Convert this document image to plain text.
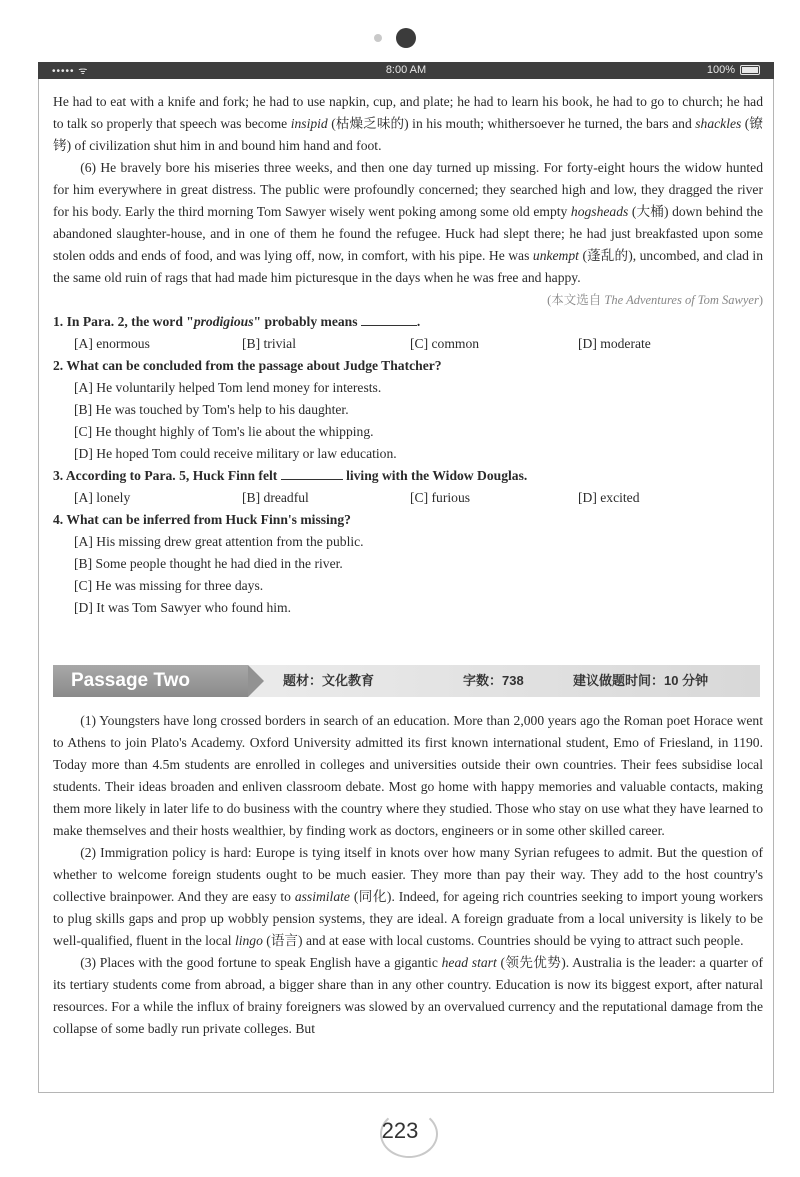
••••• ᯤ	8:00 AM	100%

He had to eat with a knife and fork; he had to use napkin, cup, and plate; he had to learn his book, he had to go to church; he had to talk so properly that speech was become insipid (枯燥乏味的) in his mouth; whithersoever he turned, the bars and shackles (镣铐) of civilization shut him in and bound him hand and foot.

(6) He bravely bore his miseries three weeks, and then one day turned up missing. For forty-eight hours the widow hunted for him everywhere in great distress. The public were profoundly concerned; they searched high and low, they dragged the river for his body. Early the third morning Tom Sawyer wisely went poking among some old empty hogsheads (大桶) down behind the abandoned slaughter-house, and in one of them he found the refugee. Huck had slept there; he had just breakfasted upon some stolen odds and ends of food, and was lying off, now, in comfort, with his pipe. He was unkempt (蓬乱的), uncombed, and clad in the same old ruin of rags that had made him picturesque in the days when he was free and happy.

(本文选自 The Adventures of Tom Sawyer)

1. In Para. 2, the word "prodigious" probably means	.

[A] enormous	[B] trivial	[C] common	[D] moderate

2. What can be concluded from the passage about Judge Thatcher?

[A] He voluntarily helped Tom lend money for interests.

[B] He was touched by Tom's help to his daughter.

[C] He thought highly of Tom's lie about the whipping.

[D] He hoped Tom could receive military or law education.

3. According to Para. 5, Huck Finn felt	living with the Widow Douglas.

[A] lonely	[B] dreadful	[C] furious	[D] excited

4. What can be inferred from Huck Finn's missing?

[A] His missing drew great attention from the public.

[B] Some people thought he had died in the river.

[C] He was missing for three days.

[D] It was Tom Sawyer who found him.

Passage Two	题材：文化教育	字数：738	建议做题时间：10 分钟

(1) Youngsters have long crossed borders in search of an education. More than 2,000 years ago the Roman poet Horace went to Athens to join Plato's Academy. Oxford University admitted its first known international student, Emo of Friesland, in 1190. Today more than 4.5m students are enrolled in colleges and universities outside their own countries. Their fees subsidise local students. Their ideas broaden and enliven classroom debate. Most go home with happy memories and valuable contacts, making them more likely in later life to do business with the country where they studied. Those who stay on use what they have learned to make themselves and their hosts wealthier, by finding work as doctors, engineers or in some other skilled career.

(2) Immigration policy is hard: Europe is tying itself in knots over how many Syrian refugees to admit. But the question of whether to welcome foreign students ought to be much easier. They more than pay their way. They add to the host country's collective brainpower. And they are easy to assimilate (同化). Indeed, for ageing rich countries seeking to import young workers to plug skills gaps and prop up wobbly pension systems, they are ideal. A foreign graduate from a local university is likely to be well-qualified, fluent in the local lingo (语言) and at ease with local customs. Countries should be vying to attract such people.

(3) Places with the good fortune to speak English have a gigantic head start (领先优势). Australia is the leader: a quarter of its tertiary students come from abroad, a bigger share than in any other country. Education is now its biggest export, after natural resources. For a while the influx of brainy foreigners was slowed by an overvalued currency and the reputational damage from the collapse of some badly run private colleges. But

223
